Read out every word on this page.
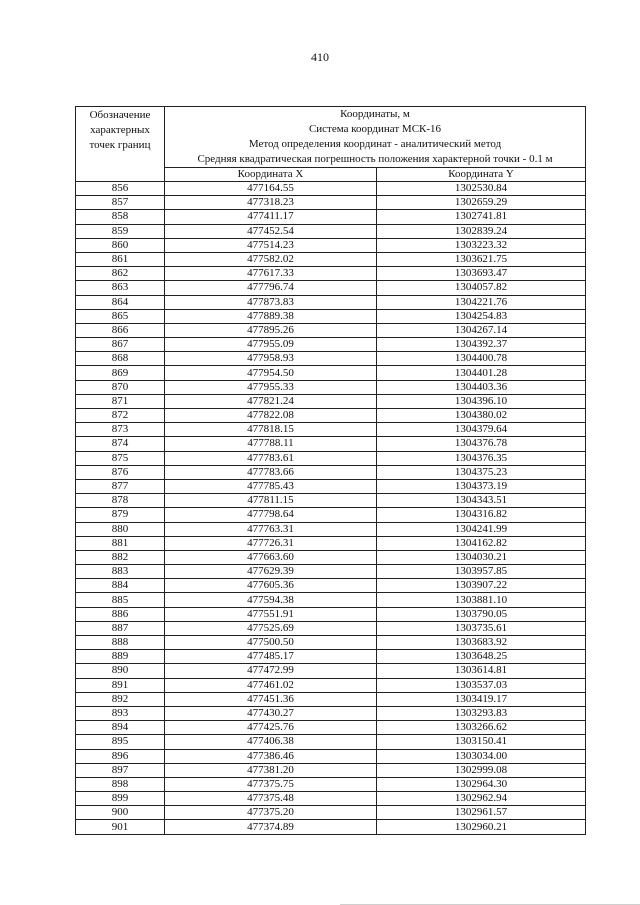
410
Обозначение характерных точек границ	Координаты, м
Система координат МСК-16
Метод определения координат - аналитический метод
Средняя квадратическая погрешность положения характерной точки - 0.1 м	

	Координата X	Координата Y
856	477164.55	1302530.84
857	477318.23	1302659.29
858	477411.17	1302741.81
859	477452.54	1302839.24
860	477514.23	1303223.32
861	477582.02	1303621.75
862	477617.33	1303693.47
863	477796.74	1304057.82
864	477873.83	1304221.76
865	477889.38	1304254.83
866	477895.26	1304267.14
867	477955.09	1304392.37
868	477958.93	1304400.78
869	477954.50	1304401.28
870	477955.33	1304403.36
871	477821.24	1304396.10
872	477822.08	1304380.02
873	477818.15	1304379.64
874	477788.11	1304376.78
875	477783.61	1304376.35
876	477783.66	1304375.23
877	477785.43	1304373.19
878	477811.15	1304343.51
879	477798.64	1304316.82
880	477763.31	1304241.99
881	477726.31	1304162.82
882	477663.60	1304030.21
883	477629.39	1303957.85
884	477605.36	1303907.22
885	477594.38	1303881.10
886	477551.91	1303790.05
887	477525.69	1303735.61
888	477500.50	1303683.92
889	477485.17	1303648.25
890	477472.99	1303614.81
891	477461.02	1303537.03
892	477451.36	1303419.17
893	477430.27	1303293.83
894	477425.76	1303266.62
895	477406.38	1303150.41
896	477386.46	1303034.00
897	477381.20	1302999.08
898	477375.75	1302964.30
899	477375.48	1302962.94
900	477375.20	1302961.57
901	477374.89	1302960.21
